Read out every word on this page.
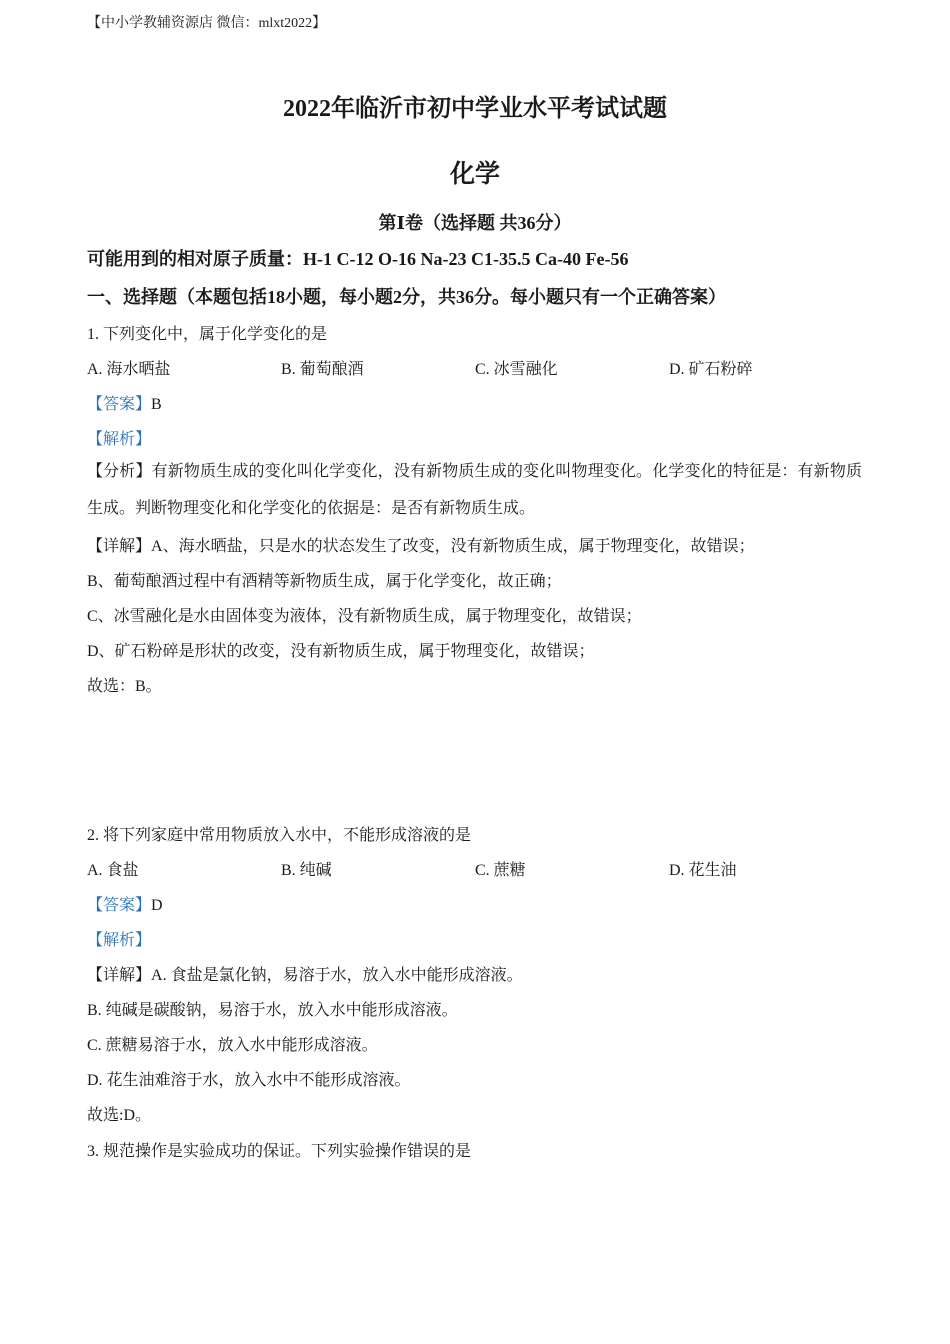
【中小学教辅资源店 微信：mlxt2022】
2022年临沂市初中学业水平考试试题
化学
第Ⅰ卷（选择题 共36分）
可能用到的相对原子质量：H-1 C-12 O-16 Na-23 C1-35.5 Ca-40 Fe-56
一、选择题（本题包括18小题，每小题2分，共36分。每小题只有一个正确答案）
1. 下列变化中，属于化学变化的是
A. 海水晒盐	B. 葡萄酿酒	C. 冰雪融化	D. 矿石粉碎
【答案】B
【解析】
【分析】有新物质生成的变化叫化学变化，没有新物质生成的变化叫物理变化。化学变化的特征是：有新物质生成。判断物理变化和化学变化的依据是：是否有新物质生成。
【详解】A、海水晒盐，只是水的状态发生了改变，没有新物质生成，属于物理变化，故错误；
B、葡萄酿酒过程中有酒精等新物质生成，属于化学变化，故正确；
C、冰雪融化是水由固体变为液体，没有新物质生成，属于物理变化，故错误；
D、矿石粉碎是形状的改变，没有新物质生成，属于物理变化，故错误；
故选：B。
2. 将下列家庭中常用物质放入水中，不能形成溶液的是
A. 食盐	B. 纯碱	C. 蔗糖	D. 花生油
【答案】D
【解析】
【详解】A. 食盐是氯化钠，易溶于水，放入水中能形成溶液。
B. 纯碱是碳酸钠，易溶于水，放入水中能形成溶液。
C. 蔗糖易溶于水，放入水中能形成溶液。
D. 花生油难溶于水，放入水中不能形成溶液。
故选:D。
3. 规范操作是实验成功的保证。下列实验操作错误的是
